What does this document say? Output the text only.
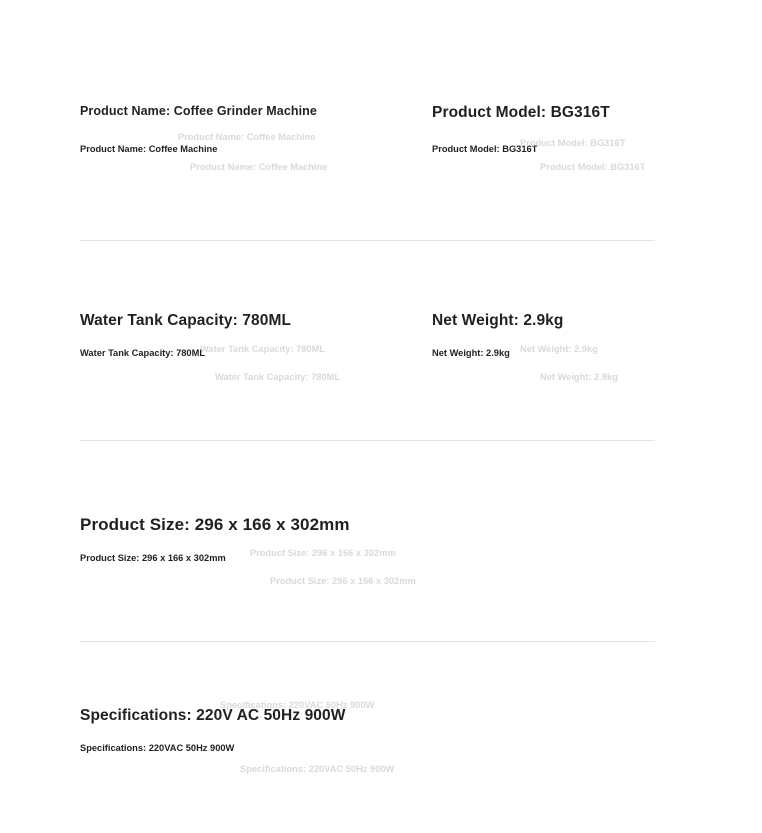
Product Name: Coffee Grinder Machine
Product Name: Coffee Machine
Product Model: BG316T
Product Model: BG316T
Product Name: Coffee Machine
Product Name: Coffee Machine
Product Model: BG316T
Product Model: BG316T
Water Tank Capacity: 780ML
Water Tank Capacity: 780ML
Net Weight: 2.9kg
Net Weight: 2.9kg
Water Tank Capacity: 780ML
Water Tank Capacity: 780ML
Net Weight: 2.9kg
Net Weight: 2.9kg
Product Size: 296 x 166 x 302mm
Product Size: 296 x 166 x 302mm	Product Size: 296 x 166 x 302mm
Product Size: 296 x 166 x 302mm
Specifications: 220V AC 50Hz 900W
Specifications: 220VAC 50Hz 900W
Specifications: 220VAC 50Hz 900W
Specifications: 220VAC 50Hz 900W
